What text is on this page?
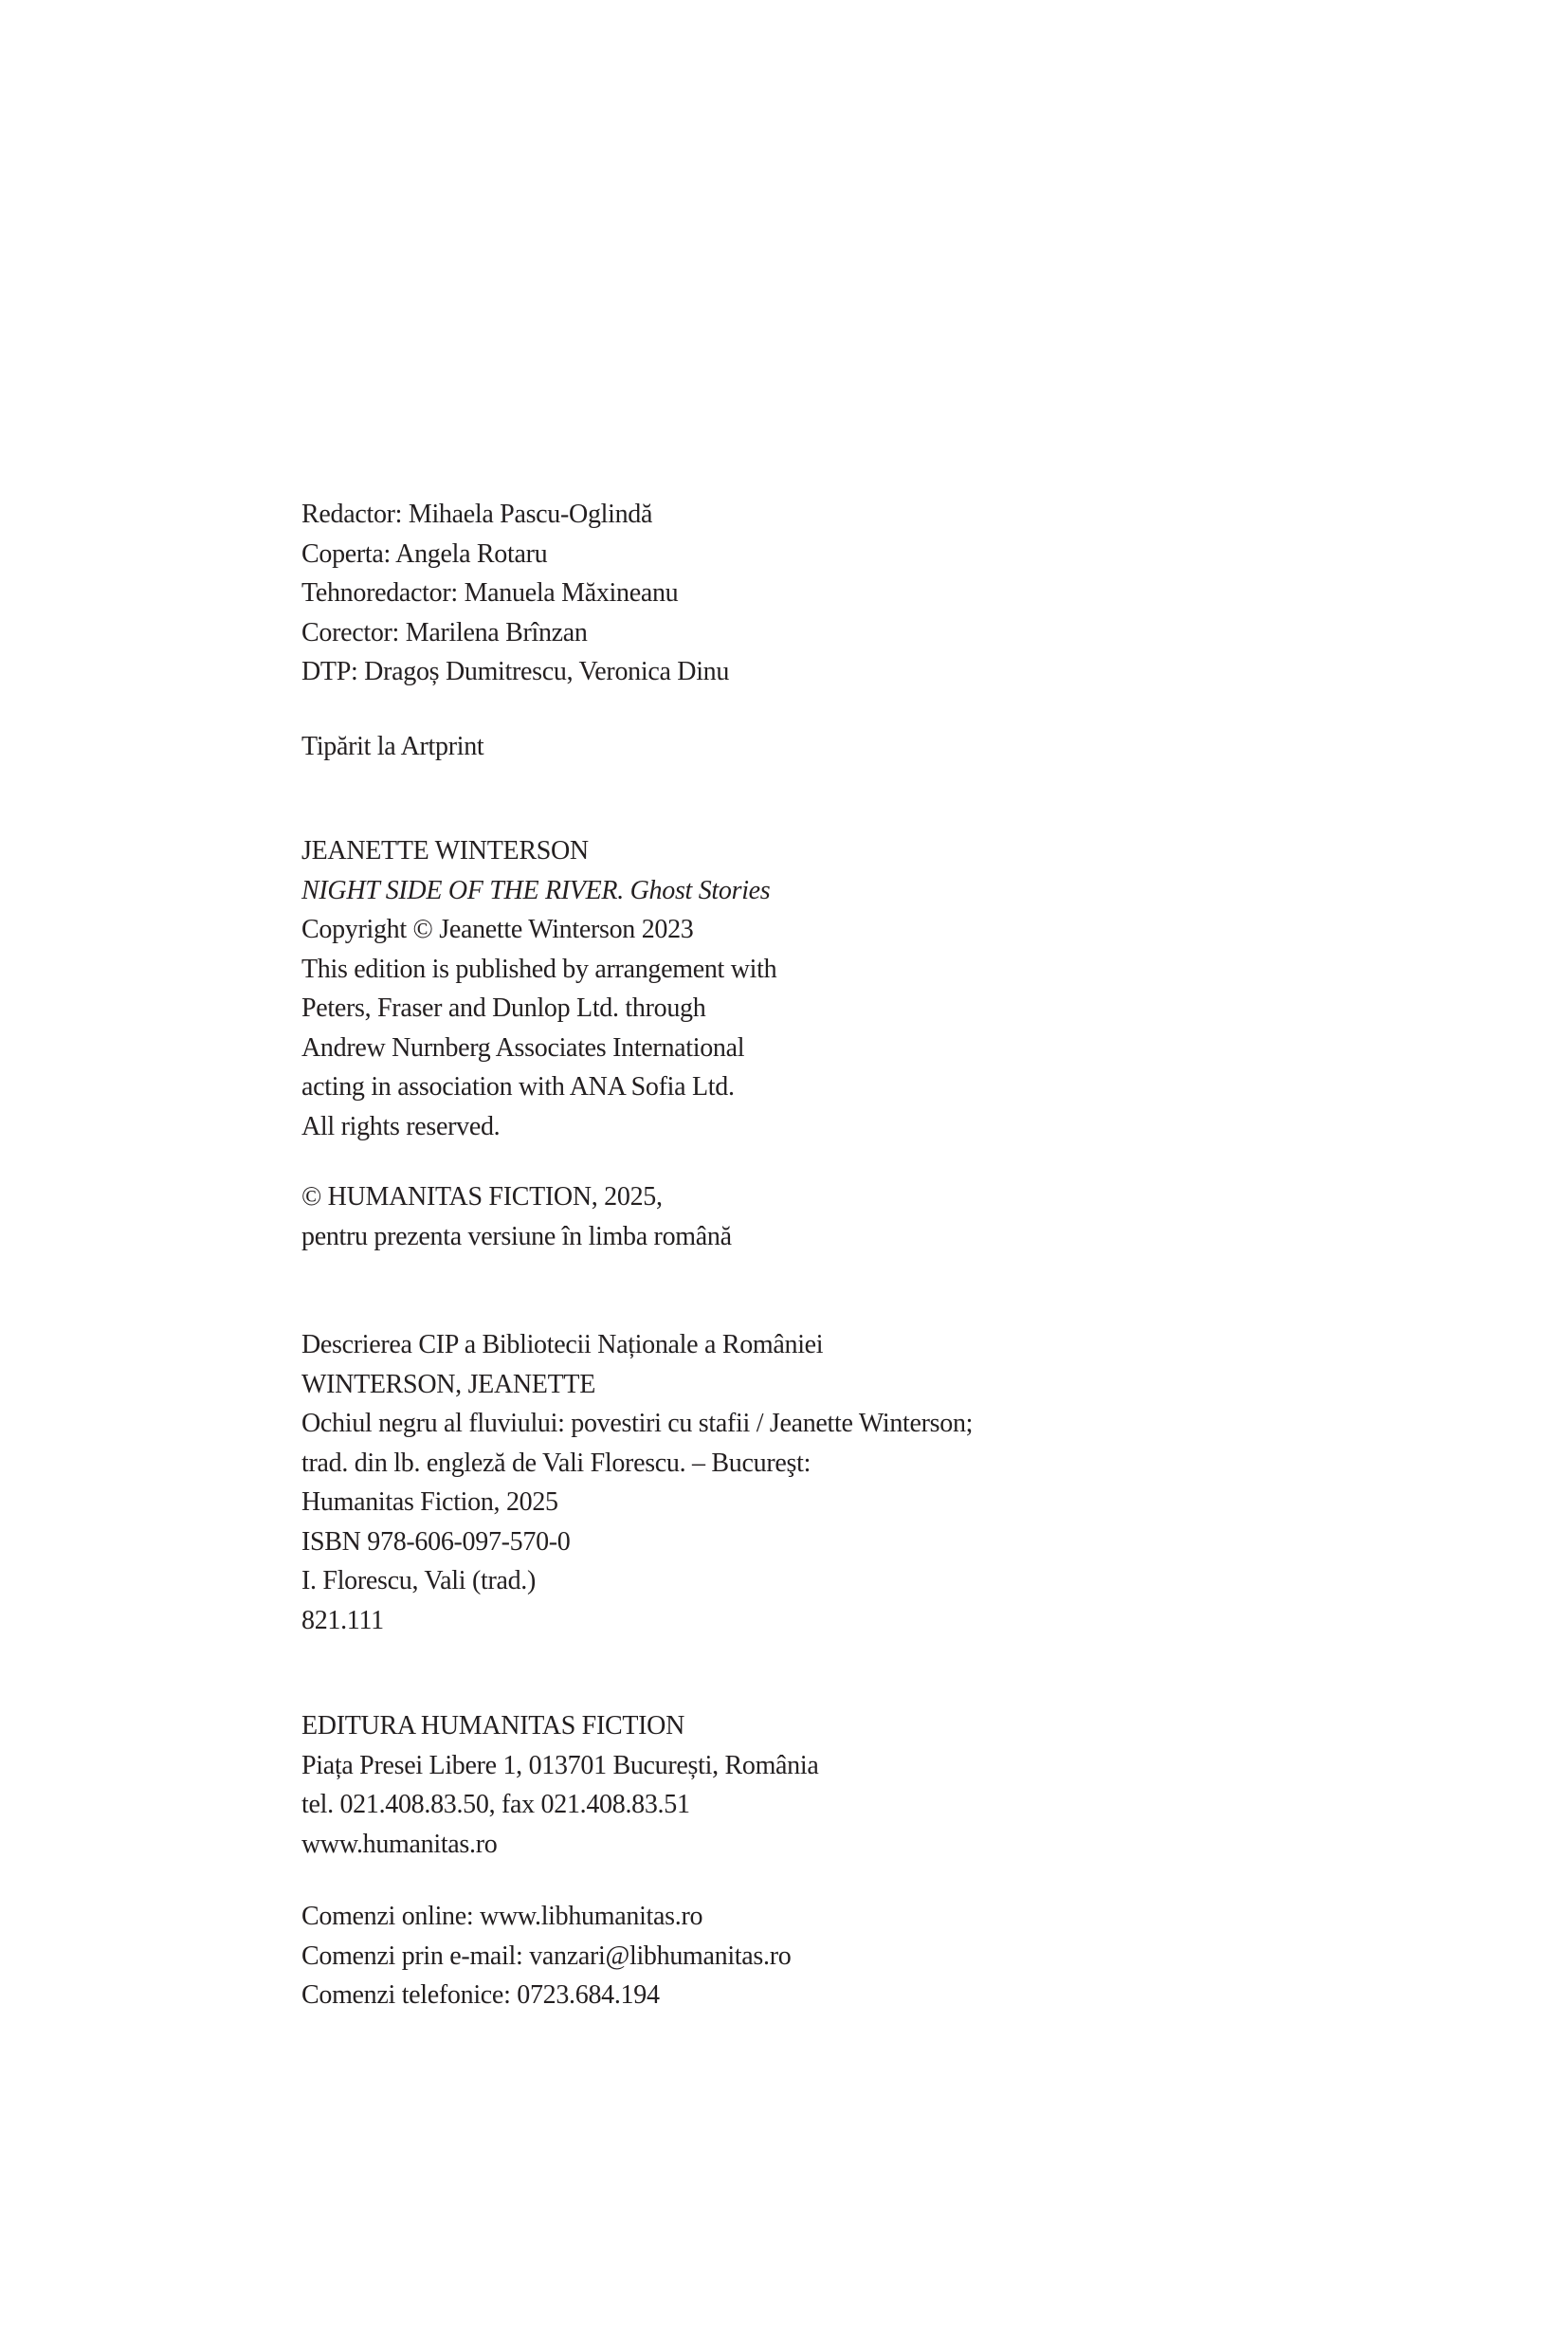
Redactor: Mihaela Pascu-Oglindă
Coperta: Angela Rotaru
Tehnoredactor: Manuela Măxineanu
Corector: Marilena Brînzan
DTP: Dragoș Dumitrescu, Veronica Dinu
Tipărit la Artprint
JEANETTE WINTERSON
NIGHT SIDE OF THE RIVER. Ghost Stories
Copyright © Jeanette Winterson 2023
This edition is published by arrangement with
Peters, Fraser and Dunlop Ltd. through
Andrew Nurnberg Associates International
acting in association with ANA Sofia Ltd.
All rights reserved.
© HUMANITAS FICTION, 2025,
pentru prezenta versiune în limba română
Descrierea CIP a Bibliotecii Naționale a României
WINTERSON, JEANETTE
Ochiul negru al fluviului: povestiri cu stafii / Jeanette Winterson;
trad. din lb. engleză de Vali Florescu. – Bucureşt:
Humanitas Fiction, 2025
ISBN 978-606-097-570-0
I. Florescu, Vali (trad.)
821.111
EDITURA HUMANITAS FICTION
Piața Presei Libere 1, 013701 București, România
tel. 021.408.83.50, fax 021.408.83.51
www.humanitas.ro
Comenzi online: www.libhumanitas.ro
Comenzi prin e-mail: vanzari@libhumanitas.ro
Comenzi telefonice: 0723.684.194
